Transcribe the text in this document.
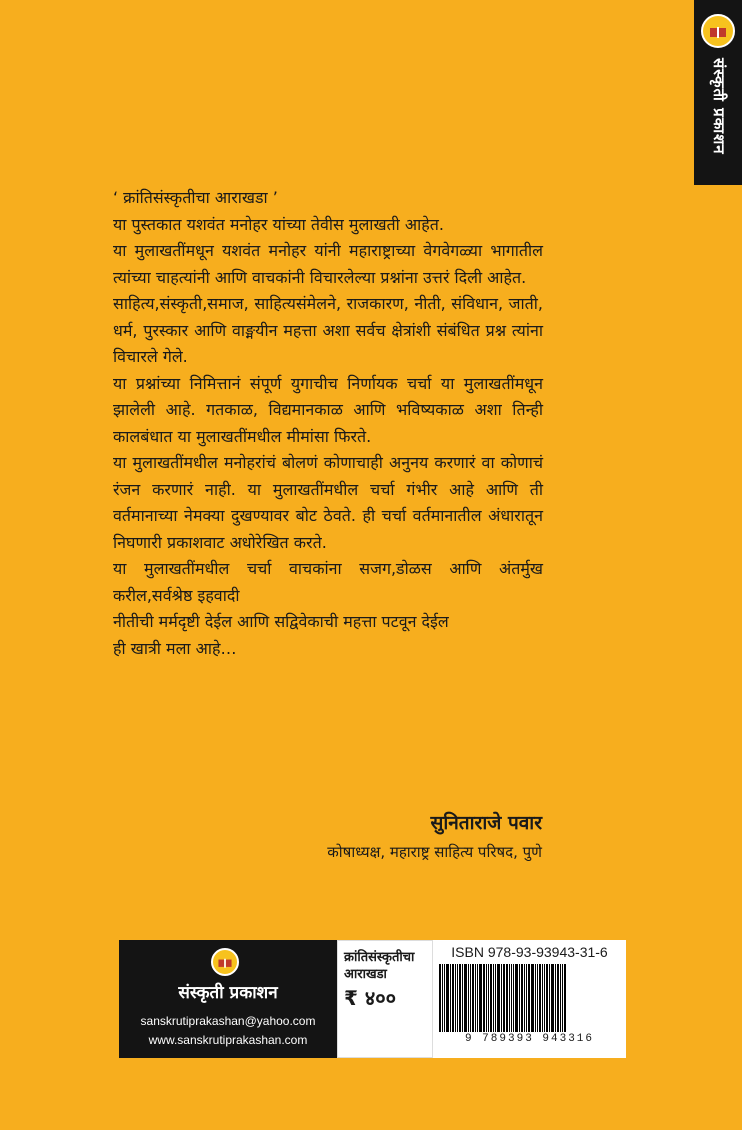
संस्कृती प्रकाशन

‘ क्रांतिसंस्कृतीचा आराखडा ’

या पुस्तकात यशवंत मनोहर यांच्या तेवीस मुलाखती आहेत.

या मुलाखतींमधून यशवंत मनोहर यांनी महाराष्ट्राच्या वेगवेगळ्या भागातील त्यांच्या चाहत्यांनी आणि वाचकांनी विचारलेल्या प्रश्नांना उत्तरं दिली आहेत.

साहित्य,संस्कृती,समाज, साहित्यसंमेलने, राजकारण, नीती, संविधान, जाती, धर्म, पुरस्कार आणि वाङ्मयीन महत्ता अशा सर्वच क्षेत्रांशी संबंधित प्रश्न त्यांना विचारले गेले.

या प्रश्नांच्या निमित्तानं संपूर्ण युगाचीच निर्णायक चर्चा या मुलाखतींमधून झालेली आहे. गतकाळ, विद्यमानकाळ आणि भविष्यकाळ अशा तिन्ही कालबंधात या मुलाखतींमधील मीमांसा फिरते.

या मुलाखतींमधील मनोहरांचं बोलणं कोणाचाही अनुनय करणारं वा कोणाचं रंजन करणारं नाही. या मुलाखतींमधील चर्चा गंभीर आहे आणि ती वर्तमानाच्या नेमक्या दुखण्यावर बोट ठेवते. ही चर्चा वर्तमानातील अंधारातून निघणारी प्रकाशवाट अधोरेखित करते.

या मुलाखतींमधील चर्चा वाचकांना सजग,डोळस आणि अंतर्मुख करील,सर्वश्रेष्ठ इहवादी

नीतीची मर्मदृष्टी देईल आणि सद्विवेकाची महत्ता पटवून देईल

ही खात्री मला आहे…

सुनिताराजे पवार
कोषाध्यक्ष, महाराष्ट्र साहित्य परिषद, पुणे
संस्कृती प्रकाशन
sanskrutiprakashan@yahoo.com
www.sanskrutiprakashan.com
क्रांतिसंस्कृतीचा
आराखडा
₹ ४००
ISBN 978-93-93943-31-6
9 789393 943316
